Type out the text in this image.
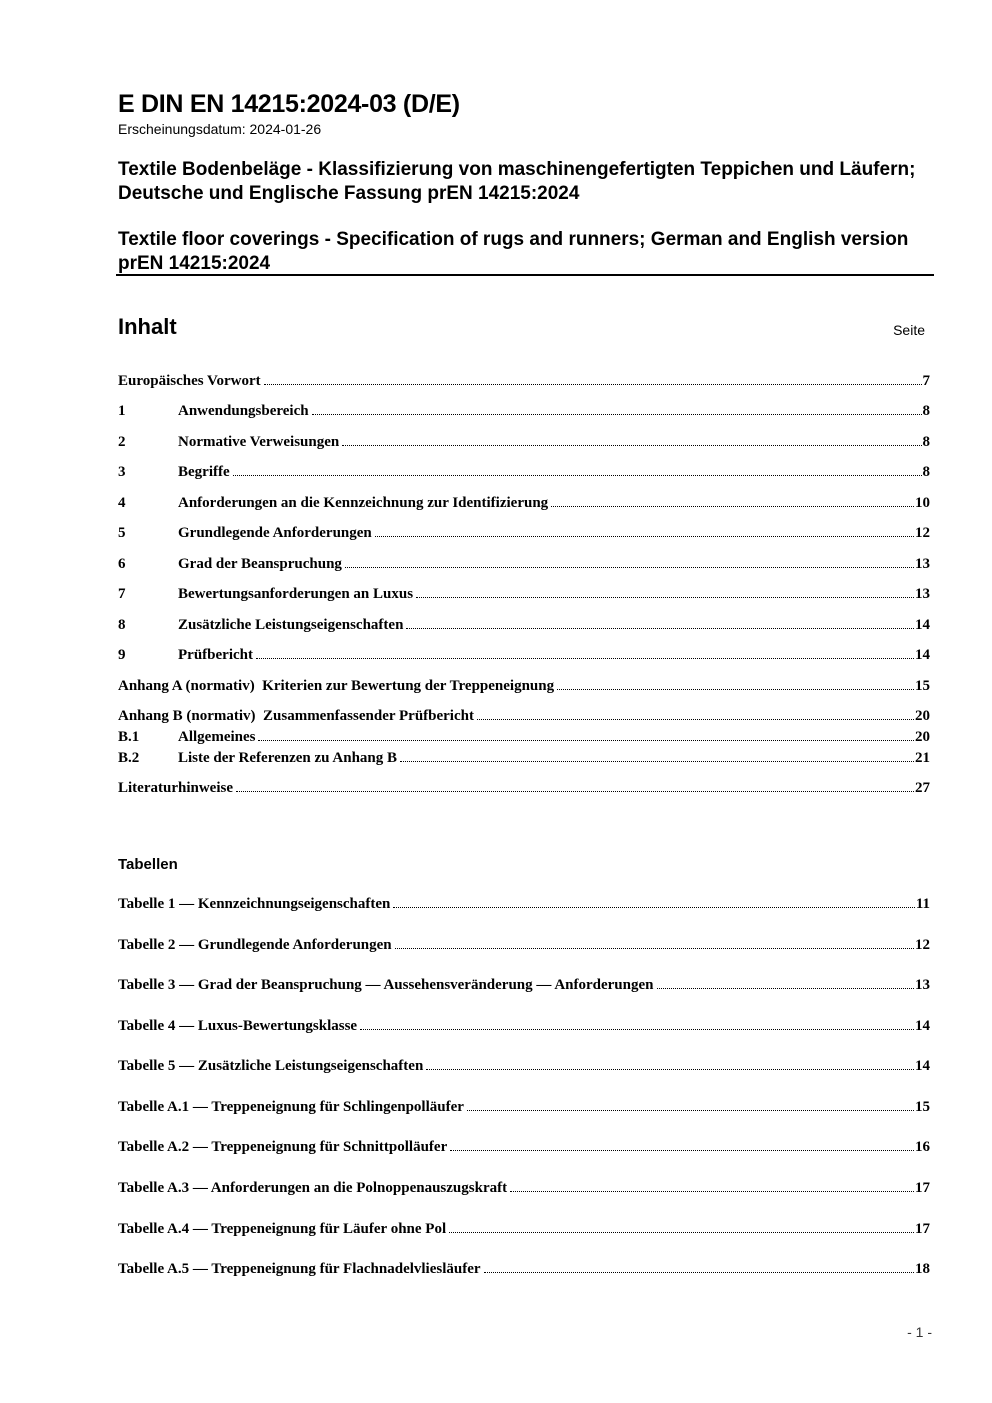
E DIN EN 14215:2024-03 (D/E)

Erscheinungsdatum: 2024-01-26

Textile Bodenbeläge - Klassifizierung von maschinengefertigten Teppichen und Läufern; Deutsche und Englische Fassung prEN 14215:2024
Textile floor coverings - Specification of rugs and runners; German and English version prEN 14215:2024
Inhalt	Seite
Europäisches Vorwort	7
1	Anwendungsbereich	8
2	Normative Verweisungen	8
3	Begriffe	8
4	Anforderungen an die Kennzeichnung zur Identifizierung	10
5	Grundlegende Anforderungen	12
6	Grad der Beanspruchung	13
7	Bewertungsanforderungen an Luxus	13
8	Zusätzliche Leistungseigenschaften	14
9	Prüfbericht	14
Anhang A (normativ)  Kriterien zur Bewertung der Treppeneignung	15
Anhang B (normativ)  Zusammenfassender Prüfbericht	20
B.1	Allgemeines	20
B.2	Liste der Referenzen zu Anhang B	21
Literaturhinweise	27
Tabellen
Tabelle 1 — Kennzeichnungseigenschaften	11
Tabelle 2 — Grundlegende Anforderungen	12
Tabelle 3 — Grad der Beanspruchung — Aussehensveränderung — Anforderungen	13
Tabelle 4 — Luxus-Bewertungsklasse	14
Tabelle 5 — Zusätzliche Leistungseigenschaften	14
Tabelle A.1 — Treppeneignung für Schlingenpolläufer	15
Tabelle A.2 — Treppeneignung für Schnittpolläufer	16
Tabelle A.3 — Anforderungen an die Polnoppenauszugskraft	17
Tabelle A.4 — Treppeneignung für Läufer ohne Pol	17
Tabelle A.5 — Treppeneignung für Flachnadelvliesläufer	18
- 1 -
